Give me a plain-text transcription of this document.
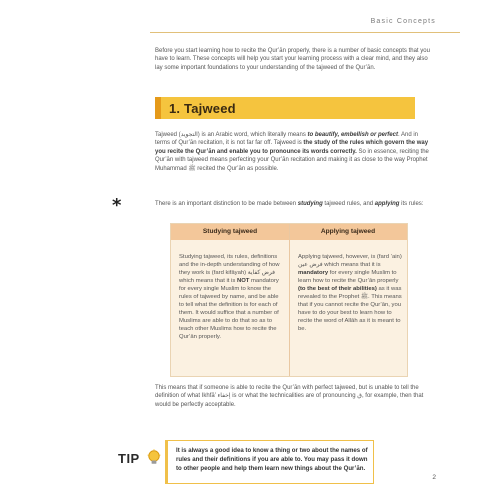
Basic Concepts

Before you start learning how to recite the Qur’ān properly, there is a number of basic concepts that you have to learn. These concepts will help you start your learning process with a clear mind, and they also lay some important foundations to your understanding of the tajweed of the Qur’ān.

1. Tajweed

Tajweed (التجويد) is an Arabic word, which literally means to beautify, embellish or perfect. And in terms of Qur’ān recitation, it is not far far off. Tajweed is the study of the rules which govern the way you recite the Qur’ān and enable you to pronounce its words correctly. So in essence, reciting the Qur’ān with tajweed means perfecting your Qur’ān recitation and making it as close to the way Prophet Muhammad ﷺ recited the Qur’ān as possible.

*	There is an important distinction to be made between studying tajweed rules, and applying its rules:

Studying tajweed	Applying tajweed
Studying tajweed, its rules, definitions and the in-depth understanding of how they work is (fard kifāyah) فرض كفاية which means that it is NOT mandatory for every single Muslim to know the rules of tajweed by name, and be able to tell what the definition is for each of them. It would suffice that a number of Muslims are able to do that so as to teach other Muslims how to recite the Qur’ān properly.
Applying tajweed, however, is (fard ‘ain) فرض عين which means that it is mandatory for every single Muslim to learn how to recite the Qur’ān properly (to the best of their abilities) as it was revealed to the Prophet ﷺ. This means that if you cannot recite the Qur’ān, you have to do your best to learn how to recite the word of Allāh as it is meant to be.

This means that if someone is able to recite the Qur’ān with perfect tajweed, but is unable to tell the definition of what Ikhfā’ إخفاء is or what the technicalities are of pronouncing ق, for example, then that would be perfectly acceptable.

TIP

It is always a good idea to know a thing or two about the names of rules and their definitions if you are able to. You may pass it down to other people and help them learn new things about the Qur’ān.

2
